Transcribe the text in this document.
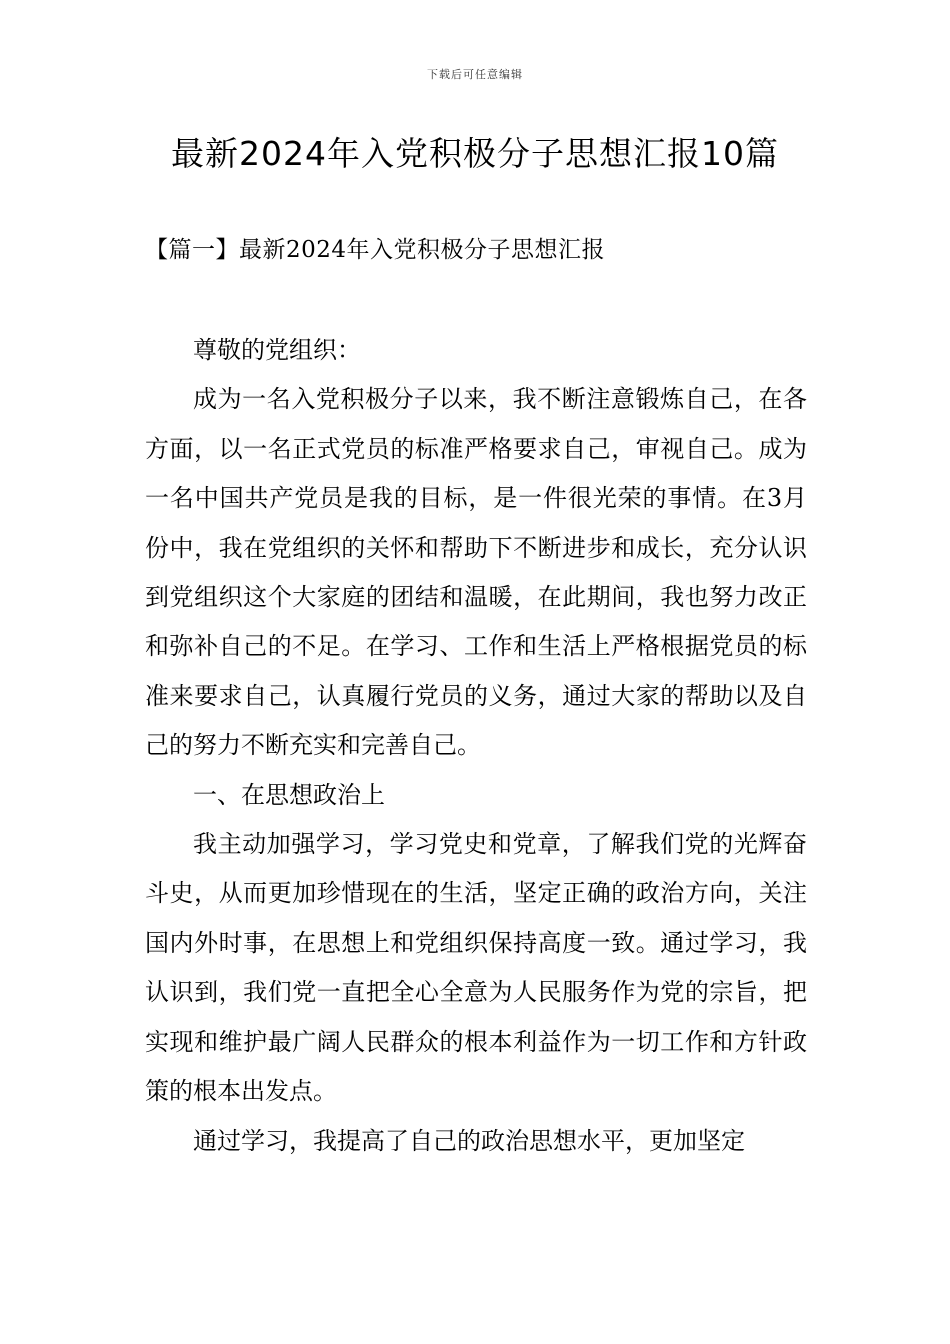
下载后可任意编辑
最新2024年入党积极分子思想汇报10篇
【篇一】最新2024年入党积极分子思想汇报

尊敬的党组织：

成为一名入党积极分子以来，我不断注意锻炼自己，在各方面，以一名正式党员的标准严格要求自己，审视自己。成为一名中国共产党员是我的目标，是一件很光荣的事情。在3月份中，我在党组织的关怀和帮助下不断进步和成长，充分认识到党组织这个大家庭的团结和温暖，在此期间，我也努力改正和弥补自己的不足。在学习、工作和生活上严格根据党员的标准来要求自己，认真履行党员的义务，通过大家的帮助以及自己的努力不断充实和完善自己。

一、在思想政治上

我主动加强学习，学习党史和党章，了解我们党的光辉奋斗史，从而更加珍惜现在的生活，坚定正确的政治方向，关注国内外时事，在思想上和党组织保持高度一致。通过学习，我认识到，我们党一直把全心全意为人民服务作为党的宗旨，把实现和维护最广阔人民群众的根本利益作为一切工作和方针政策的根本出发点。

通过学习，我提高了自己的政治思想水平，更加坚定
